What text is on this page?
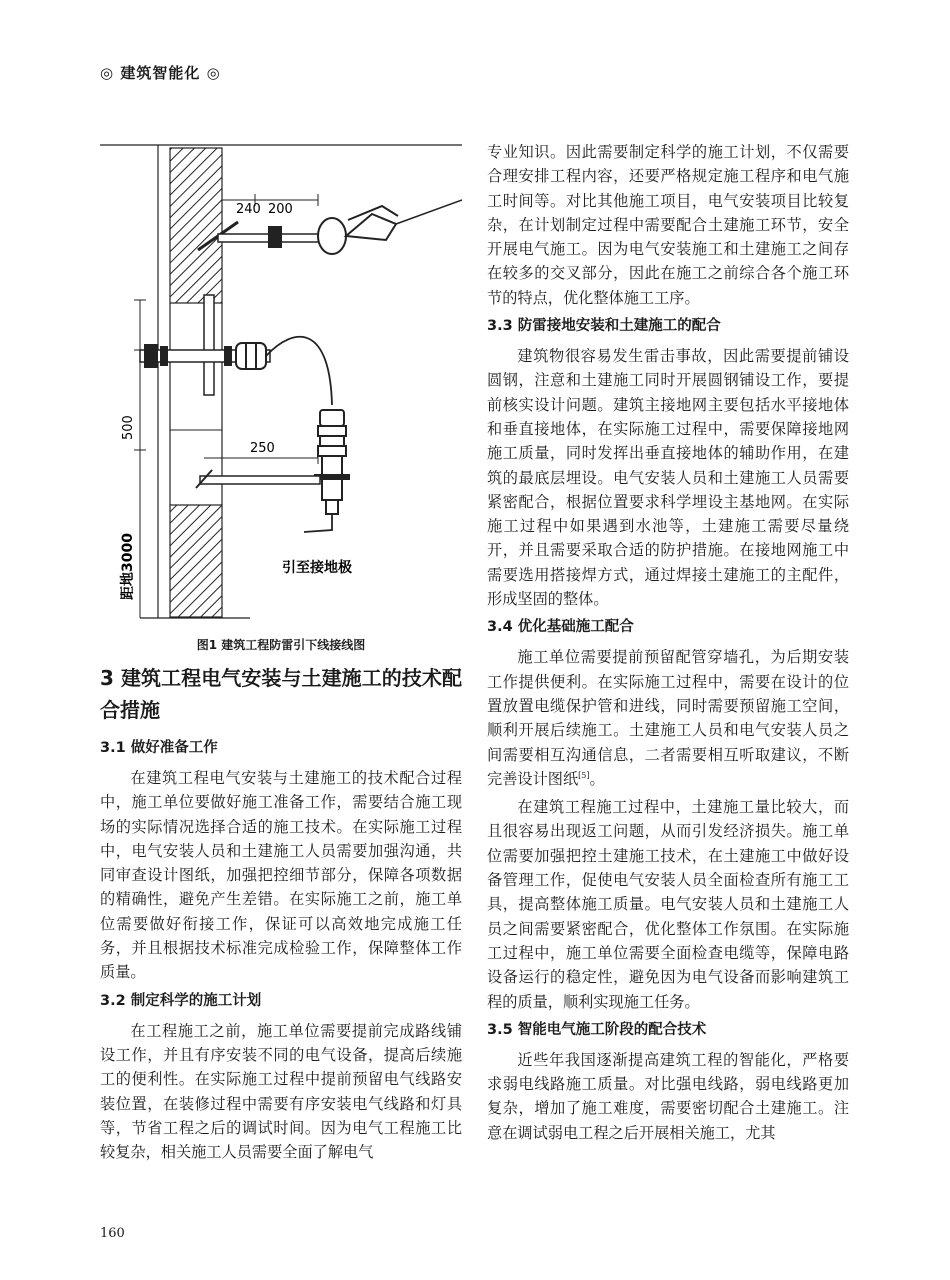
◎ 建筑智能化 ◎
240 200
250
500
距地3000	引至接地极
图1 建筑工程防雷引下线接线图
3 建筑工程电气安装与土建施工的技术配合措施
3.1 做好准备工作

在建筑工程电气安装与土建施工的技术配合过程中，施工单位要做好施工准备工作，需要结合施工现场的实际情况选择合适的施工技术。在实际施工过程中，电气安装人员和土建施工人员需要加强沟通，共同审查设计图纸，加强把控细节部分，保障各项数据的精确性，避免产生差错。在实际施工之前，施工单位需要做好衔接工作，保证可以高效地完成施工任务，并且根据技术标准完成检验工作，保障整体工作质量。

3.2 制定科学的施工计划

在工程施工之前，施工单位需要提前完成路线铺设工作，并且有序安装不同的电气设备，提高后续施工的便利性。在实际施工过程中提前预留电气线路安装位置，在装修过程中需要有序安装电气线路和灯具等，节省工程之后的调试时间。因为电气工程施工比较复杂，相关施工人员需要全面了解电气

专业知识。因此需要制定科学的施工计划，不仅需要合理安排工程内容，还要严格规定施工程序和电气施工时间等。对比其他施工项目，电气安装项目比较复杂，在计划制定过程中需要配合土建施工环节，安全开展电气施工。因为电气安装施工和土建施工之间存在较多的交叉部分，因此在施工之前综合各个施工环节的特点，优化整体施工工序。

3.3 防雷接地安装和土建施工的配合

建筑物很容易发生雷击事故，因此需要提前铺设圆钢，注意和土建施工同时开展圆钢铺设工作，要提前核实设计问题。建筑主接地网主要包括水平接地体和垂直接地体，在实际施工过程中，需要保障接地网施工质量，同时发挥出垂直接地体的辅助作用，在建筑的最底层埋设。电气安装人员和土建施工人员需要紧密配合，根据位置要求科学埋设主基地网。在实际施工过程中如果遇到水池等，土建施工需要尽量绕开，并且需要采取合适的防护措施。在接地网施工中需要选用搭接焊方式，通过焊接土建施工的主配件，形成坚固的整体。

3.4 优化基础施工配合

施工单位需要提前预留配管穿墙孔，为后期安装工作提供便利。在实际施工过程中，需要在设计的位置放置电缆保护管和进线，同时需要预留施工空间，顺利开展后续施工。土建施工人员和电气安装人员之间需要相互沟通信息，二者需要相互听取建议，不断完善设计图纸[5]。

在建筑工程施工过程中，土建施工量比较大，而且很容易出现返工问题，从而引发经济损失。施工单位需要加强把控土建施工技术，在土建施工中做好设备管理工作，促使电气安装人员全面检查所有施工工具，提高整体施工质量。电气安装人员和土建施工人员之间需要紧密配合，优化整体工作氛围。在实际施工过程中，施工单位需要全面检查电缆等，保障电路设备运行的稳定性，避免因为电气设备而影响建筑工程的质量，顺利实现施工任务。

3.5 智能电气施工阶段的配合技术

近些年我国逐渐提高建筑工程的智能化，严格要求弱电线路施工质量。对比强电线路，弱电线路更加复杂，增加了施工难度，需要密切配合土建施工。注意在调试弱电工程之后开展相关施工，尤其

160
